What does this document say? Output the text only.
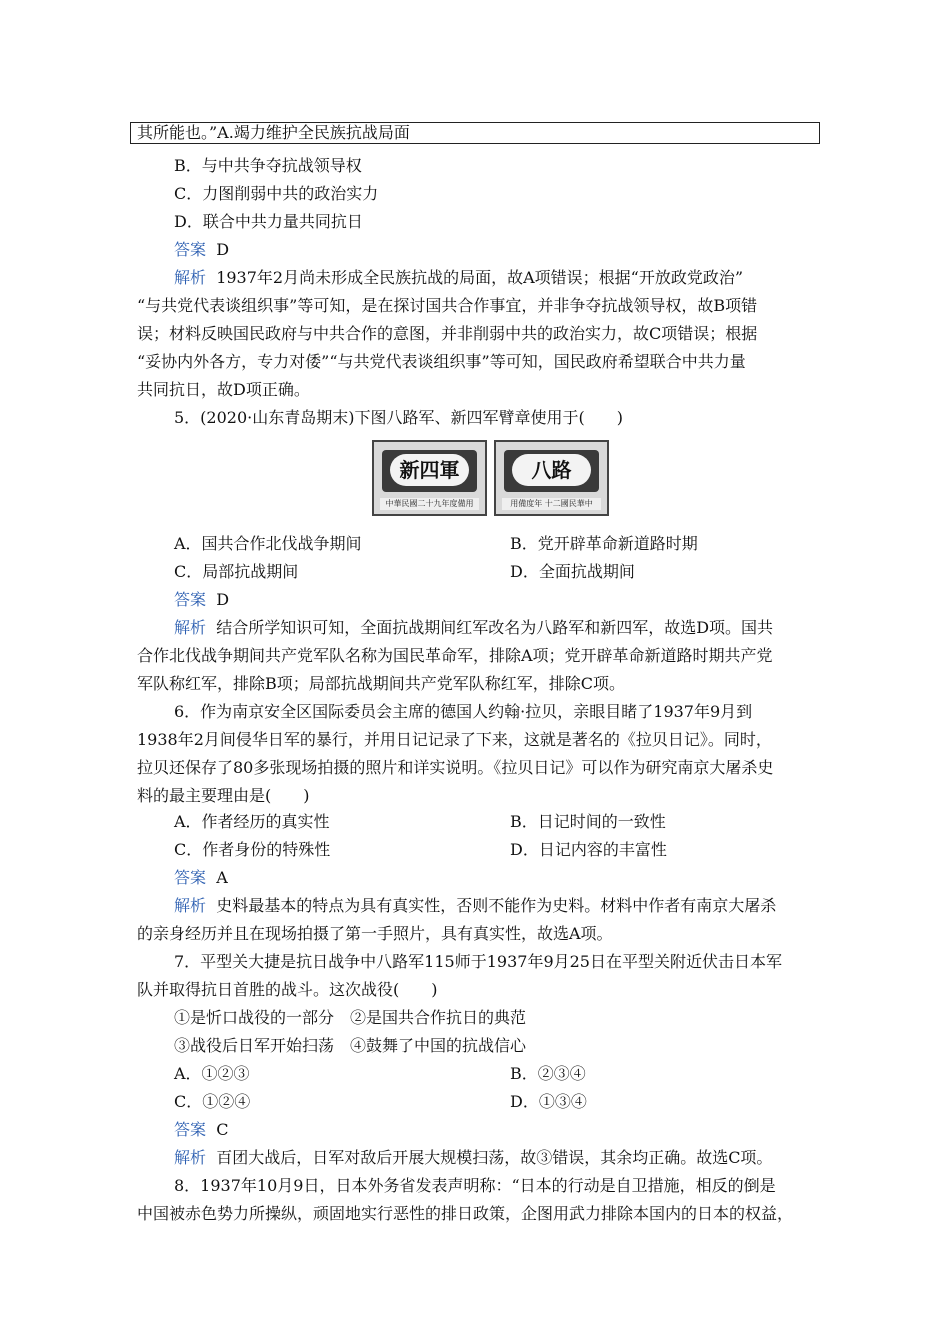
其所能也。”A.竭力维护全民族抗战局面
B．与中共争夺抗战领导权
C．力图削弱中共的政治实力
D．联合中共力量共同抗日
答案 D
解析 1937年2月尚未形成全民族抗战的局面，故A项错误；根据“开放政党政治”
“与共党代表谈组织事”等可知，是在探讨国共合作事宜，并非争夺抗战领导权，故B项错
误；材料反映国民政府与中共合作的意图，并非削弱中共的政治实力，故C项错误；根据
“妥协内外各方，专力对倭”“与共党代表谈组织事”等可知，国民政府希望联合中共力量
共同抗日，故D项正确。
5．(2020·山东青岛期末)下图八路军、新四军臂章使用于(　　)
新四軍
中華民國二十九年度備用
八路
用備度年 十二國民華中
A．国共合作北伐战争期间	B．党开辟革命新道路时期
C．局部抗战期间	D．全面抗战期间
答案 D
解析 结合所学知识可知，全面抗战期间红军改名为八路军和新四军，故选D项。国共
合作北伐战争期间共产党军队名称为国民革命军，排除A项；党开辟革命新道路时期共产党
军队称红军，排除B项；局部抗战期间共产党军队称红军，排除C项。
6．作为南京安全区国际委员会主席的德国人约翰·拉贝，亲眼目睹了1937年9月到
1938年2月间侵华日军的暴行，并用日记记录了下来，这就是著名的《拉贝日记》。同时，
拉贝还保存了80多张现场拍摄的照片和详实说明。《拉贝日记》可以作为研究南京大屠杀史
料的最主要理由是(　　)
A．作者经历的真实性	B．日记时间的一致性
C．作者身份的特殊性	D．日记内容的丰富性
答案 A
解析 史料最基本的特点为具有真实性，否则不能作为史料。材料中作者有南京大屠杀
的亲身经历并且在现场拍摄了第一手照片，具有真实性，故选A项。
7．平型关大捷是抗日战争中八路军115师于1937年9月25日在平型关附近伏击日本军
队并取得抗日首胜的战斗。这次战役(　　)
①是忻口战役的一部分　②是国共合作抗日的典范
③战役后日军开始扫荡　④鼓舞了中国的抗战信心
A．①②③	B．②③④
C．①②④	D．①③④
答案 C
解析 百团大战后，日军对敌后开展大规模扫荡，故③错误，其余均正确。故选C项。
8．1937年10月9日，日本外务省发表声明称：“日本的行动是自卫措施，相反的倒是
中国被赤色势力所操纵，顽固地实行恶性的排日政策，企图用武力排除本国内的日本的权益，
